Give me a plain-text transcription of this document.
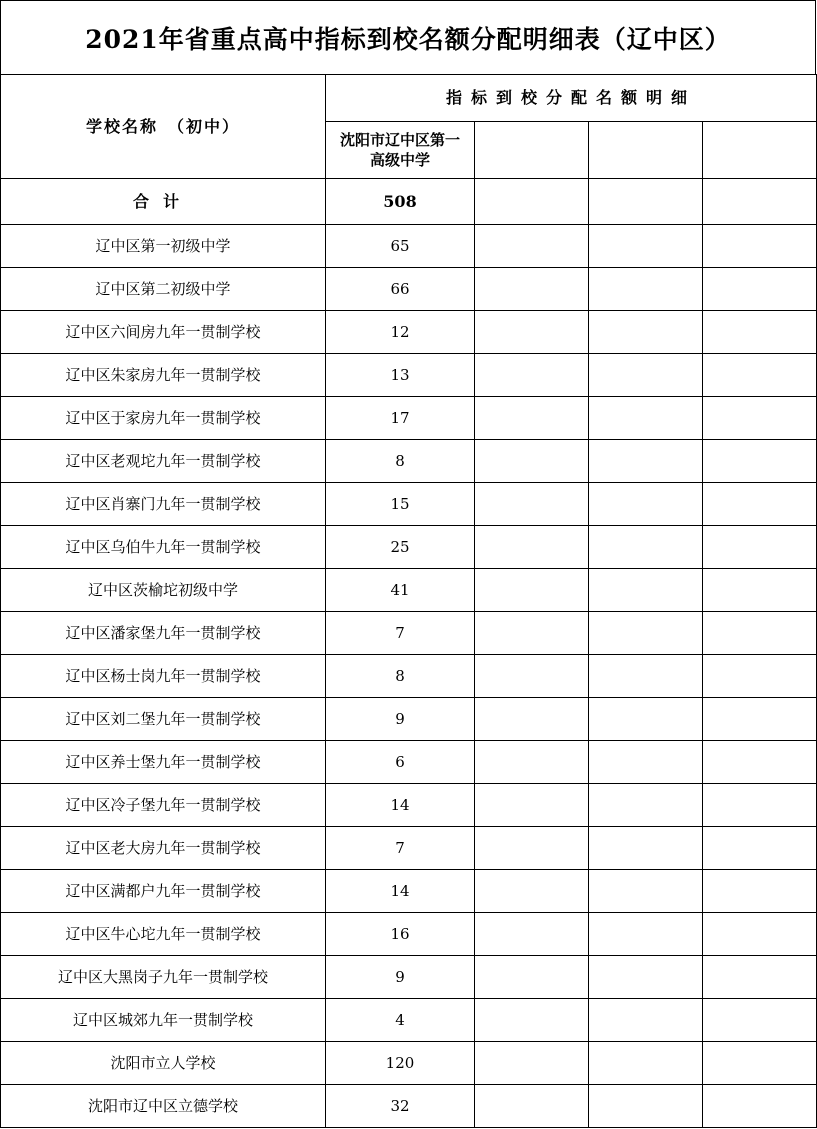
2021年省重点高中指标到校名额分配明细表（辽中区）
学校名称　（初中）	指标到校分配名额明细			
	沈阳市辽中区第一高级中学			
合计	508			
辽中区第一初级中学	65			
辽中区第二初级中学	66			
辽中区六间房九年一贯制学校	12			
辽中区朱家房九年一贯制学校	13			
辽中区于家房九年一贯制学校	17			
辽中区老观坨九年一贯制学校	8			
辽中区肖寨门九年一贯制学校	15			
辽中区乌伯牛九年一贯制学校	25			
辽中区茨榆坨初级中学	41			
辽中区潘家堡九年一贯制学校	7			
辽中区杨士岗九年一贯制学校	8			
辽中区刘二堡九年一贯制学校	9			
辽中区养士堡九年一贯制学校	6			
辽中区冷子堡九年一贯制学校	14			
辽中区老大房九年一贯制学校	7			
辽中区满都户九年一贯制学校	14			
辽中区牛心坨九年一贯制学校	16			
辽中区大黑岗子九年一贯制学校	9			
辽中区城郊九年一贯制学校	4			
沈阳市立人学校	120			
沈阳市辽中区立德学校	32			
